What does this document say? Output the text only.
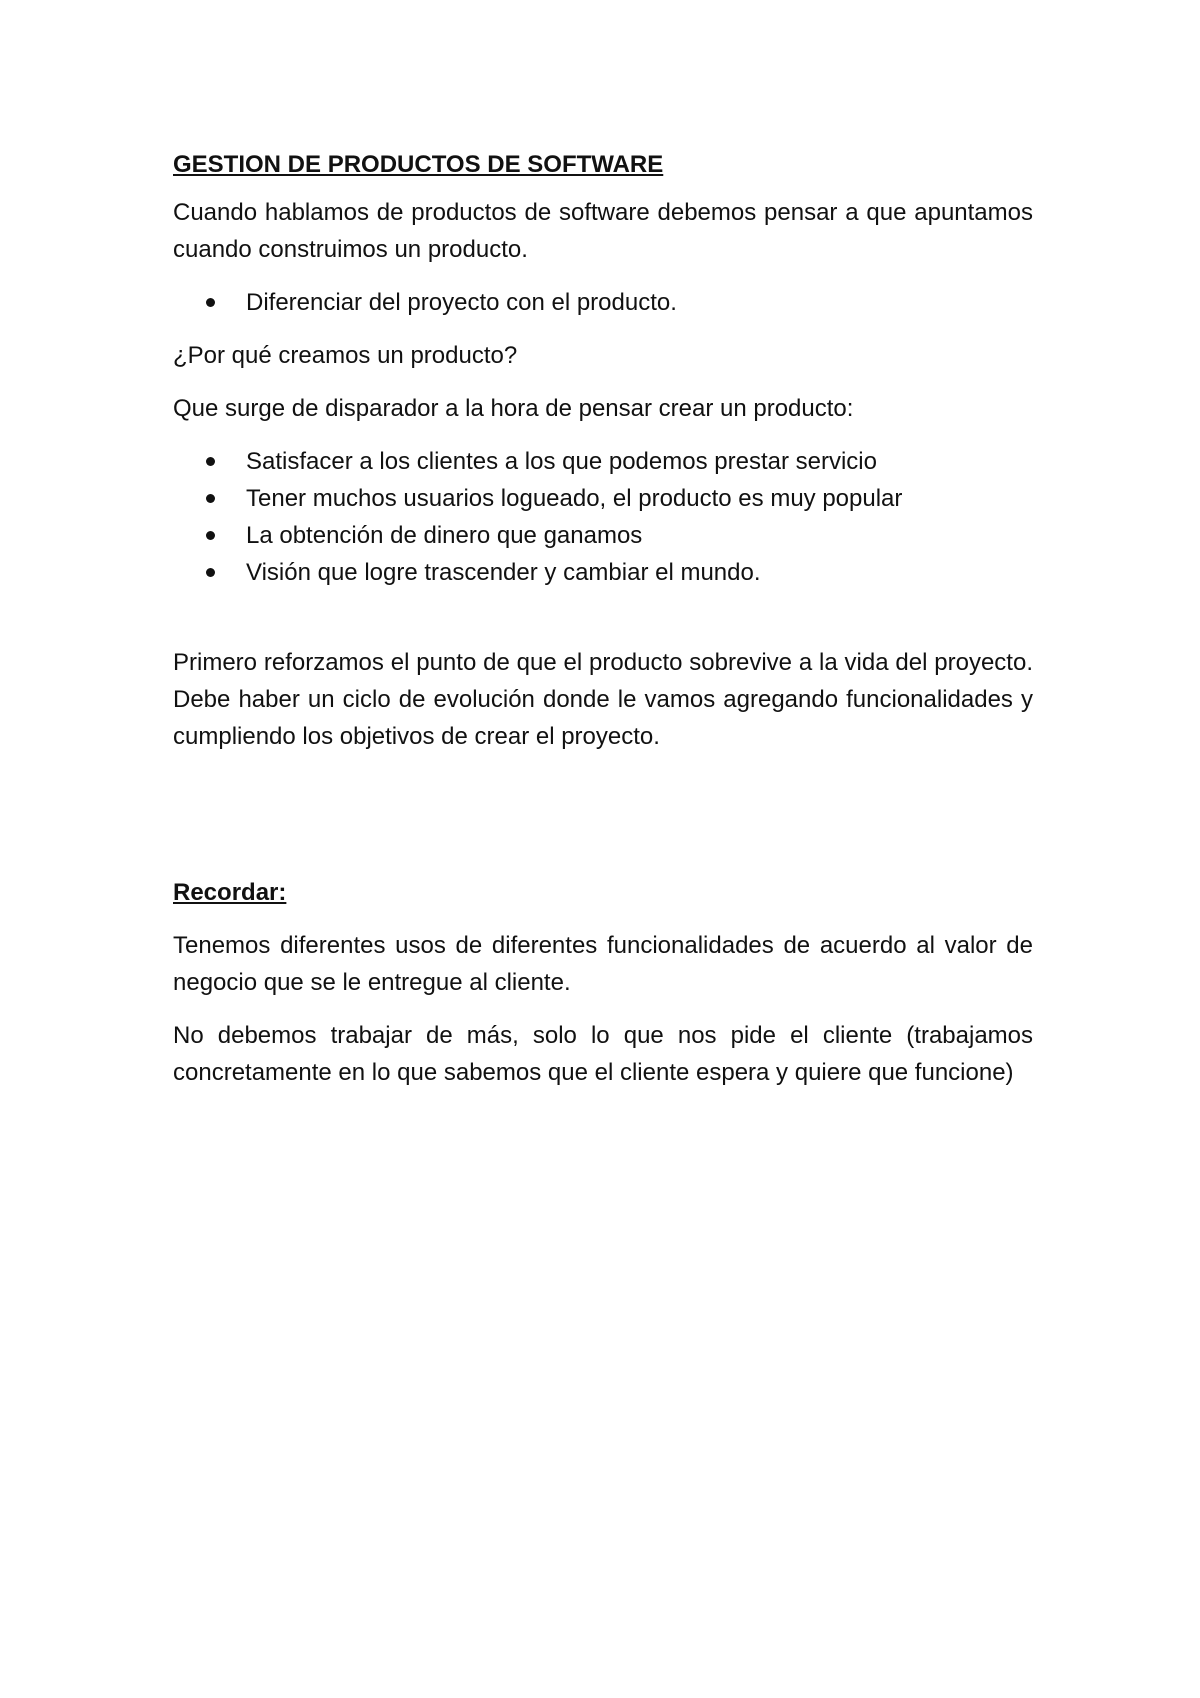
GESTION DE PRODUCTOS DE SOFTWARE

Cuando hablamos de productos de software debemos pensar a que apuntamos cuando construimos un producto.

Diferenciar del proyecto con el producto.

¿Por qué creamos un producto?

Que surge de disparador a la hora de pensar crear un producto:

Satisfacer a los clientes a los que podemos prestar servicio
Tener muchos usuarios logueado, el producto es muy popular
La obtención de dinero que ganamos
Visión que logre trascender y cambiar el mundo.

Primero reforzamos el punto de que el producto sobrevive a la vida del proyecto. Debe haber un ciclo de evolución donde le vamos agregando funcionalidades y cumpliendo los objetivos de crear el proyecto.

Recordar:

Tenemos diferentes usos de diferentes funcionalidades de acuerdo al valor de negocio que se le entregue al cliente.

No debemos trabajar de más, solo lo que nos pide el cliente (trabajamos concretamente en lo que sabemos que el cliente espera y quiere que funcione)
